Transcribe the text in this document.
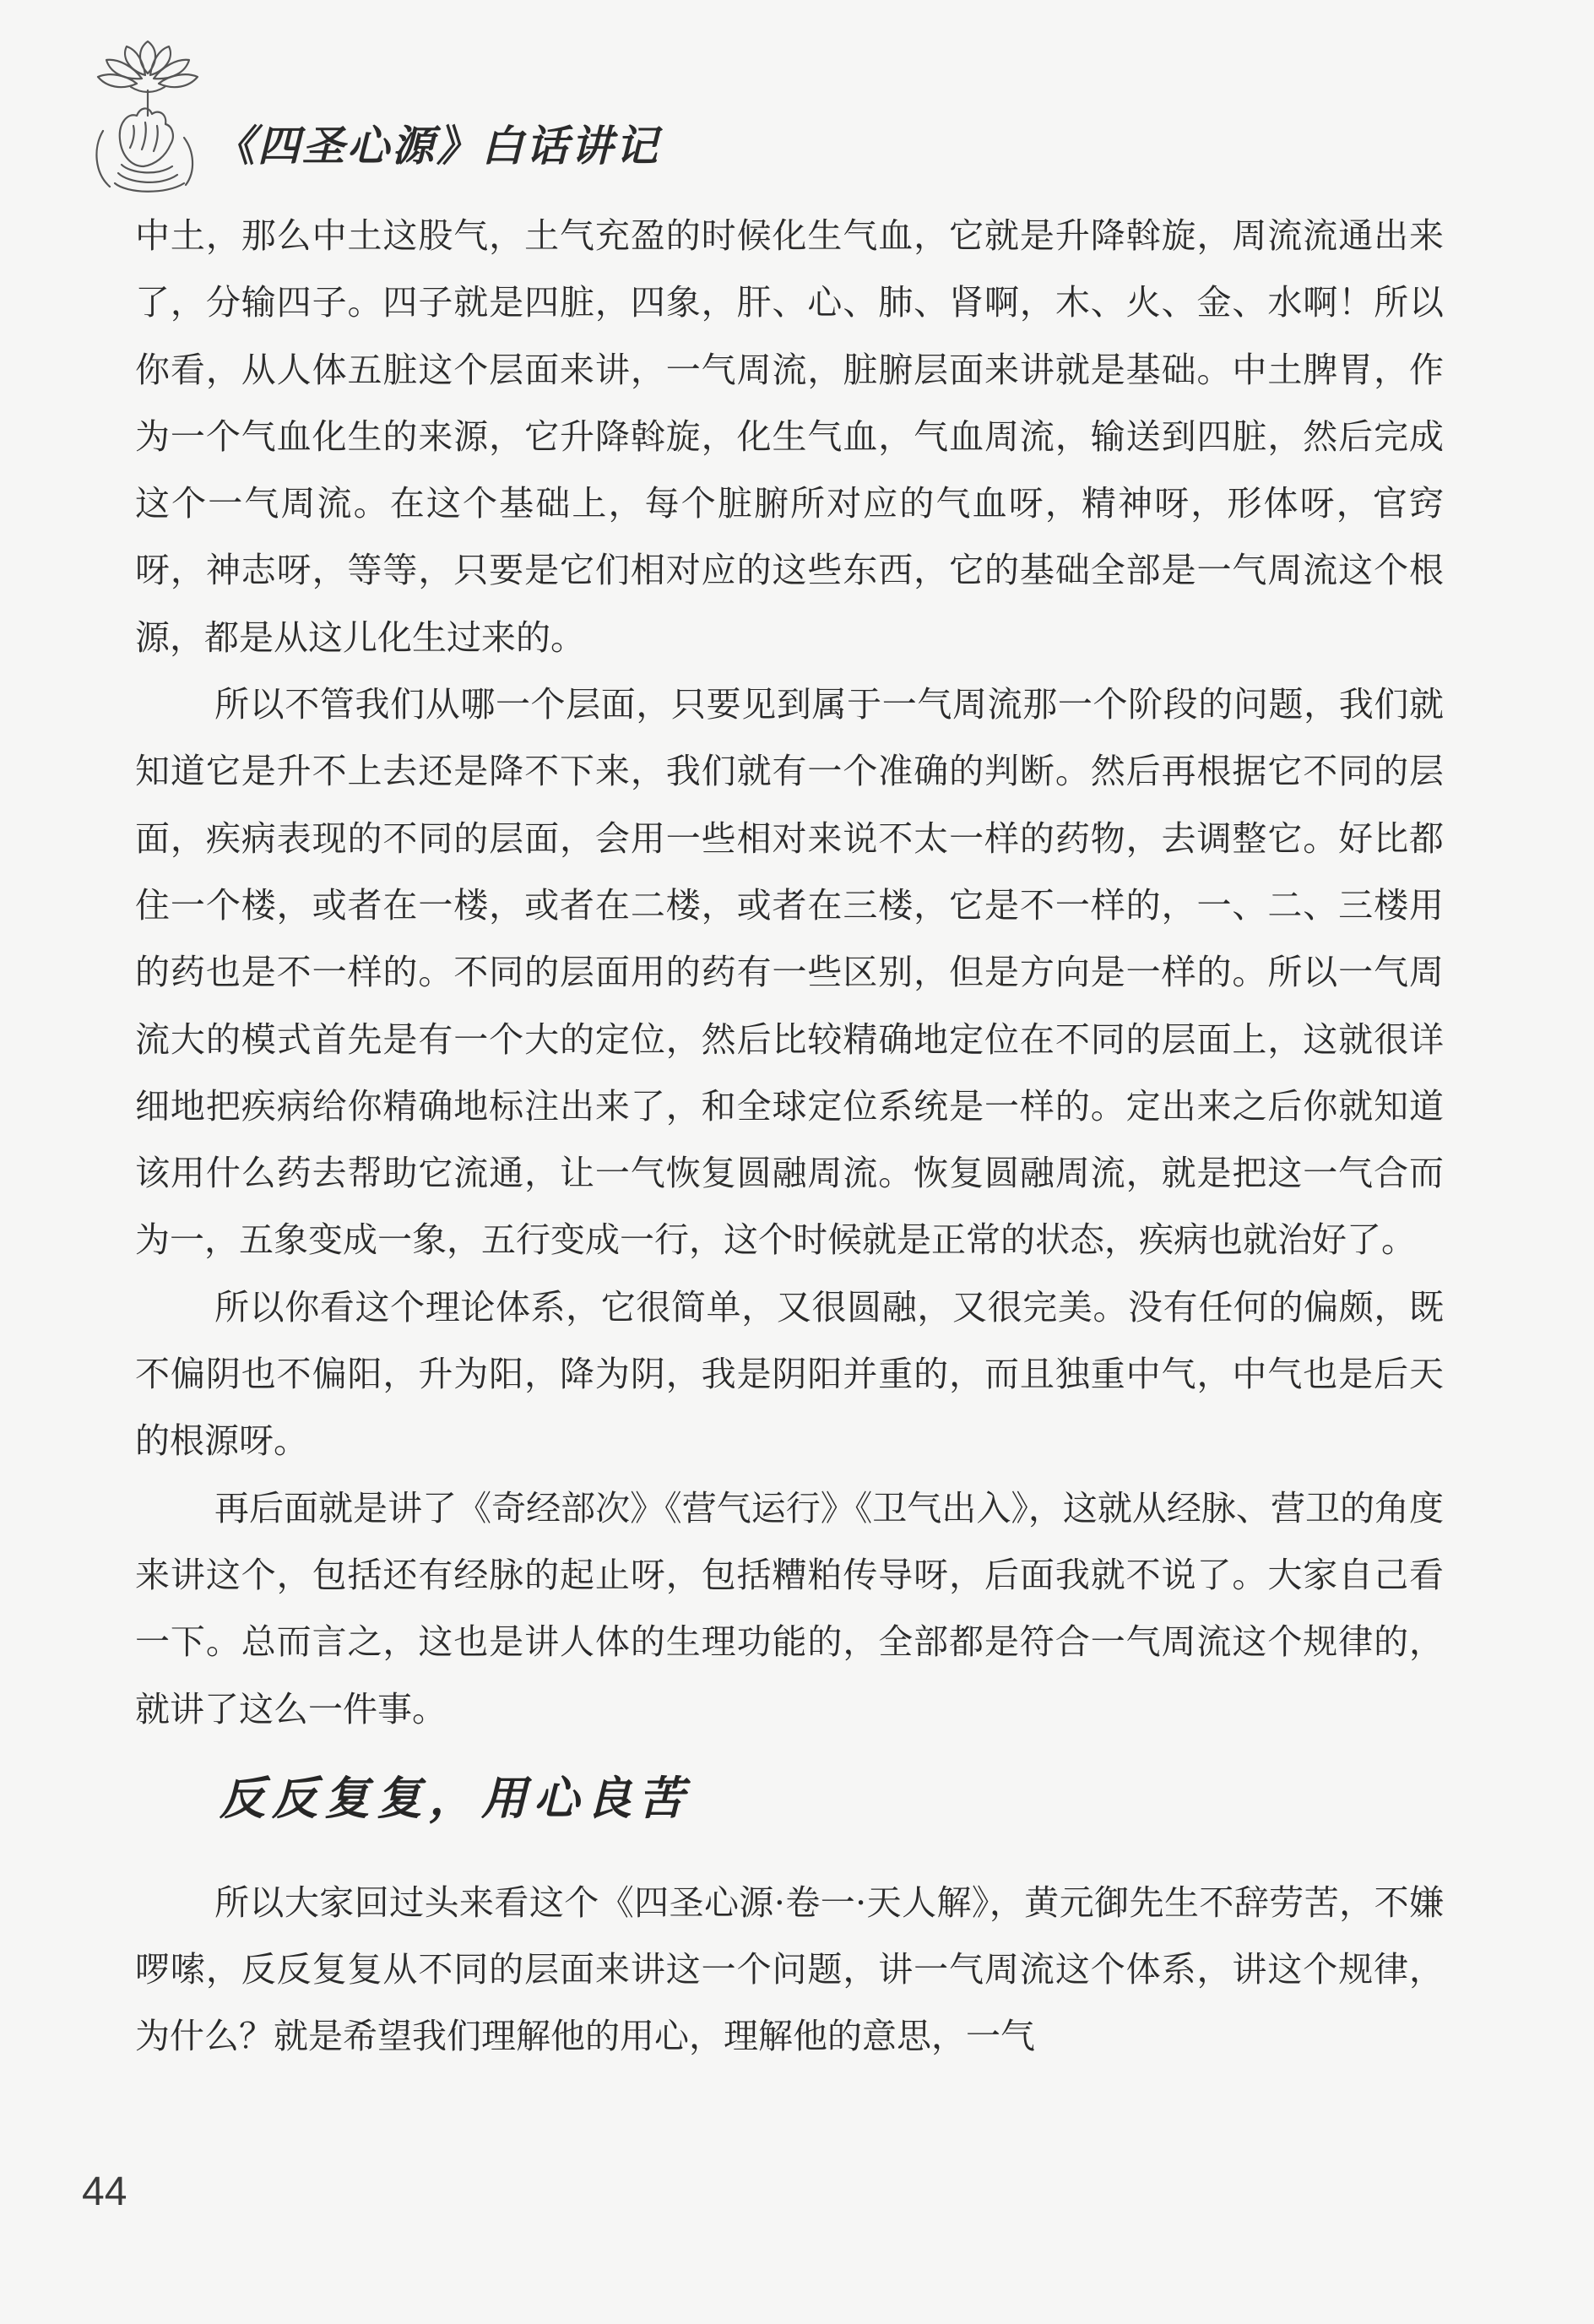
《四圣心源》白话讲记

中土，那么中土这股气，土气充盈的时候化生气血，它就是升降斡旋，周流流通出来了，分输四子。四子就是四脏，四象，肝、心、肺、肾啊，木、火、金、水啊！所以你看，从人体五脏这个层面来讲，一气周流，脏腑层面来讲就是基础。中土脾胃，作为一个气血化生的来源，它升降斡旋，化生气血，气血周流，输送到四脏，然后完成这个一气周流。在这个基础上，每个脏腑所对应的气血呀，精神呀，形体呀，官窍呀，神志呀，等等，只要是它们相对应的这些东西，它的基础全部是一气周流这个根源，都是从这儿化生过来的。

所以不管我们从哪一个层面，只要见到属于一气周流那一个阶段的问题，我们就知道它是升不上去还是降不下来，我们就有一个准确的判断。然后再根据它不同的层面，疾病表现的不同的层面，会用一些相对来说不太一样的药物，去调整它。好比都住一个楼，或者在一楼，或者在二楼，或者在三楼，它是不一样的，一、二、三楼用的药也是不一样的。不同的层面用的药有一些区别，但是方向是一样的。所以一气周流大的模式首先是有一个大的定位，然后比较精确地定位在不同的层面上，这就很详细地把疾病给你精确地标注出来了，和全球定位系统是一样的。定出来之后你就知道该用什么药去帮助它流通，让一气恢复圆融周流。恢复圆融周流，就是把这一气合而为一，五象变成一象，五行变成一行，这个时候就是正常的状态，疾病也就治好了。

所以你看这个理论体系，它很简单，又很圆融，又很完美。没有任何的偏颇，既不偏阴也不偏阳，升为阳，降为阴，我是阴阳并重的，而且独重中气，中气也是后天的根源呀。

再后面就是讲了《奇经部次》《营气运行》《卫气出入》，这就从经脉、营卫的角度来讲这个，包括还有经脉的起止呀，包括糟粕传导呀，后面我就不说了。大家自己看一下。总而言之，这也是讲人体的生理功能的，全部都是符合一气周流这个规律的，就讲了这么一件事。

反反复复，用心良苦

所以大家回过头来看这个《四圣心源·卷一·天人解》，黄元御先生不辞劳苦，不嫌啰嗦，反反复复从不同的层面来讲这一个问题，讲一气周流这个体系，讲这个规律，为什么？就是希望我们理解他的用心，理解他的意思，一气

44
